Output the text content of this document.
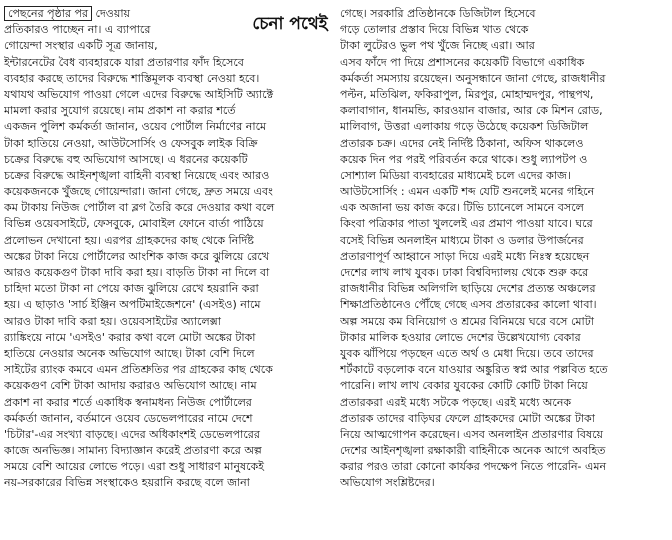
পেছনের পৃষ্ঠার পর দেওয়ায়
প্রতিকারও পাচ্ছেন না। এ ব্যাপারে
গোয়েন্দা সংস্থার একটি সূত্র জানায়,
ইন্টারনেটের বৈধ ব্যবহারকে যারা প্রতারণার ফাঁদ হিসেবে
ব্যবহার করছে তাদের বিরুদ্ধে শাস্তিমূলক ব্যবস্থা নেওয়া হবে।
যথাযথ অভিযোগ পাওয়া গেলে এদের বিরুদ্ধে আইসিটি অ্যাক্টে
মামলা করার সুযোগ রয়েছে। নাম প্রকাশ না করার শর্তে
একজন পুলিশ কর্মকর্তা জানান, ওয়েব পোর্টাল নির্মাণের নামে
টাকা হাতিয়ে নেওয়া, আউটসোর্সিং ও ফেসবুক লাইক বিক্রি
চক্রের বিরুদ্ধে বহু অভিযোগ আসছে। এ ধরনের কয়েকটি
চক্রের বিরুদ্ধে আইনশৃঙ্খলা বাহিনী ব্যবস্থা নিয়েছে এবং আরও
কয়েকজনকে খুঁজছে গোয়েন্দারা। জানা গেছে, দ্রুত সময়ে এবং
কম টাকায় নিউজ পোর্টাল বা ব্লগ তৈরি করে দেওয়ার কথা বলে
বিভিন্ন ওয়েবসাইটে, ফেসবুকে, মোবাইল ফোনে বার্তা পাঠিয়ে
প্রলোভন দেখানো হয়। এরপর গ্রাহকদের কাছ থেকে নির্দিষ্ট
অঙ্কের টাকা নিয়ে পোর্টালের আংশিক কাজ করে ঝুলিয়ে রেখে
আরও কয়েকগুণ টাকা দাবি করা হয়। বাড়তি টাকা না দিলে বা
চাহিদা মতো টাকা না পেয়ে কাজ ঝুলিয়ে রেখে হয়রানি করা
হয়। এ ছাড়াও 'সার্চ ইঞ্জিন অপটিমাইজেশনে' (এসইও) নামে
আরও টাকা দাবি করা হয়। ওয়েবসাইটের অ্যালেক্সা
র‍্যাঙ্কিংয়ে নামে 'এসইও' করার কথা বলে মোটা অঙ্কের টাকা
হাতিয়ে নেওয়ার অনেক অভিযোগ আছে। টাকা বেশি দিলে
সাইটের র‍্যাংক কমবে এমন প্রতিশ্রুতির পর গ্রাহকের কাছ থেকে
কয়েকগুণ বেশি টাকা আদায় করারও অভিযোগ আছে। নাম
প্রকাশ না করার শর্তে একাধিক স্বনামধন্য নিউজ পোর্টালের
কর্মকর্তা জানান, বর্তমানে ওয়েব ডেভেলপারের নামে দেশে
'চিটার'-এর সংখ্যা বাড়ছে। এদের অধিকাংশই ডেভেলপারের
কাজে অনভিজ্ঞ। সামান্য বিদ্যাজ্ঞান করেই প্রতারণা করে অল্প
সময়ে বেশি আয়ের লোভে পড়ে। এরা শুধু সাধারণ মানুষকেই
নয়-সরকারের বিভিন্ন সংস্থাকেও হয়রানি করছে বলে জানা
চেনা পথেই
গেছে। সরকারি প্রতিষ্ঠানকে ডিজিটাল হিসেবে
গড়ে তোলার প্রস্তাব দিয়ে বিভিন্ন খাত থেকে
টাকা লুটেরও ভুল পথ খুঁজে নিচ্ছে এরা। আর
এসব ফাঁদে পা দিয়ে প্রশাসনের কয়েকটি বিভাগে একাধিক
কর্মকর্তা সমস্যায় রয়েছেন। অনুসন্ধানে জানা গেছে, রাজধানীর
পল্টন, মতিঝিল, ফকিরাপুল, মিরপুর, মোহাম্মদপুর, পান্থপথ,
কলাবাগান, ধানমন্ডি, কারওয়ান বাজার, আর কে মিশন রোড,
মালিবাগ, উত্তরা এলাকায় গড়ে উঠেছে কয়েকশ ডিজিটাল
প্রতারক চক্র। এদের নেই নির্দিষ্ট ঠিকানা, অফিস থাকলেও
কয়েক দিন পর পরই পরিবর্তন করে থাকে। শুধু ল্যাপটপ ও
সোশ্যাল মিডিয়া ব্যবহারের মাধ্যমেই চলে এদের কাজ।
আউটসোর্সিং : এমন একটি শব্দ যেটি শুনলেই মনের গহিনে
এক অজানা ভয় কাজ করে। টিভি চ্যানেলে সামনে বসলে
কিংবা পত্রিকার পাতা খুললেই এর প্রমাণ পাওয়া যাবে। ঘরে
বসেই বিভিন্ন অনলাইন মাধ্যমে টাকা ও ডলার উপার্জনের
প্রতারণাপূর্ণ আহ্বানে সাড়া দিয়ে এরই মধ্যে নিঃস্ব হয়েছেন
দেশের লাখ লাখ যুবক। ঢাকা বিশ্ববিদ্যালয় থেকে শুরু করে
রাজধানীর বিভিন্ন অলিগলি ছাড়িয়ে দেশের প্রত্যন্ত অঞ্চলের
শিক্ষাপ্রতিষ্ঠানেও পৌঁছে গেছে এসব প্রতারকের কালো থাবা।
অল্প সময়ে কম বিনিয়োগ ও শ্রমের বিনিময়ে ঘরে বসে মোটা
টাকার মালিক হওয়ার লোভে দেশের উল্লেখযোগ্য বেকার
যুবক ঝাঁপিয়ে পড়ছেন এতে অর্থ ও মেধা দিয়ে। তবে তাদের
শর্টকাটে বড়লোক বনে যাওয়ার অঙ্কুরিত স্বপ্ন আর পল্লবিত হতে
পারেনি। লাখ লাখ বেকার যুবকের কোটি কোটি টাকা নিয়ে
প্রতারকরা এরই মধ্যে সটকে পড়ছে। এরই মধ্যে অনেক
প্রতারক তাদের বাড়িঘর ফেলে গ্রাহকদের মোটা অঙ্কের টাকা
নিয়ে আত্মগোপন করেছেন। এসব অনলাইন প্রতারণার বিষয়ে
দেশের আইনশৃঙ্খলা রক্ষাকারী বাহিনীকে অনেক আগে অবহিত
করার পরও তারা কোনো কার্যকর পদক্ষেপ নিতে পারেনি- এমন
অভিযোগ সংশ্লিষ্টদের।
